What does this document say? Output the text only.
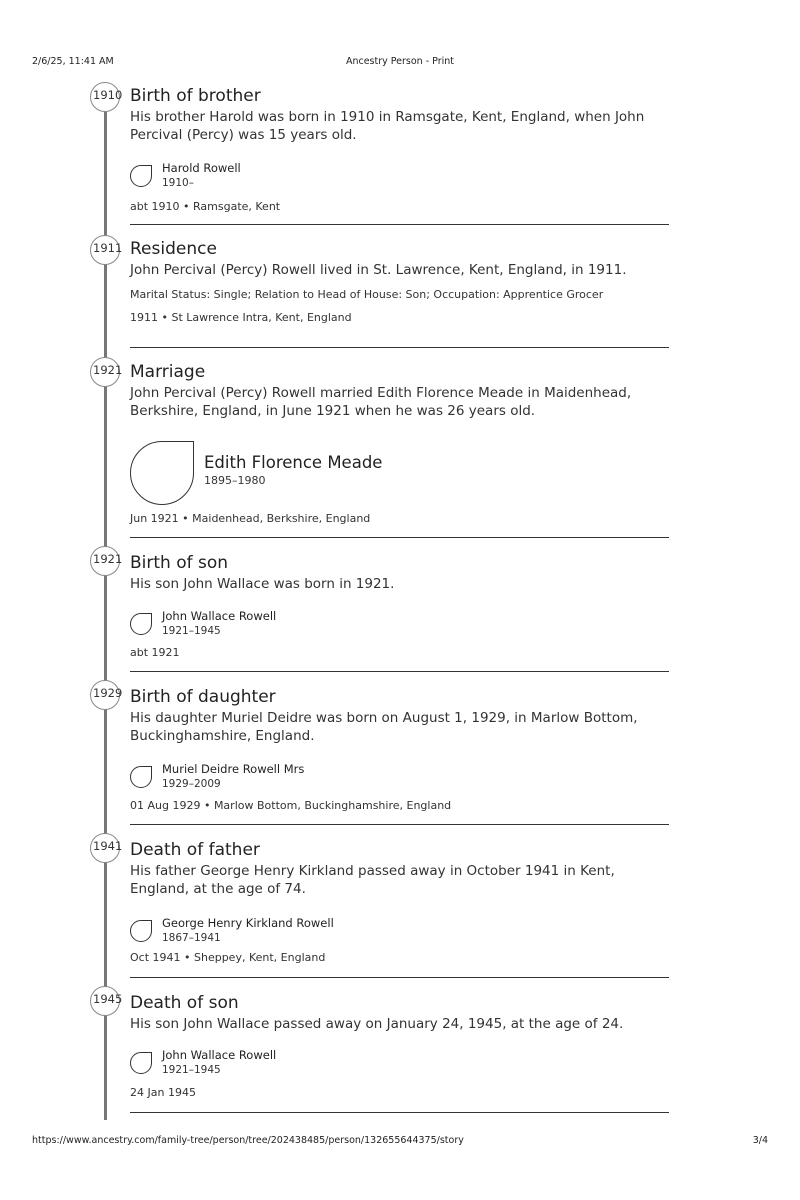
2/6/25, 11:41 AM	Ancestry Person - Print
1910 Birth of brother
His brother Harold was born in 1910 in Ramsgate, Kent, England, when John Percival (Percy) was 15 years old.
Harold Rowell
1910–
abt 1910 • Ramsgate, Kent
1911 Residence
John Percival (Percy) Rowell lived in St. Lawrence, Kent, England, in 1911.
Marital Status: Single; Relation to Head of House: Son; Occupation: Apprentice Grocer
1911 • St Lawrence Intra, Kent, England
1921 Marriage
John Percival (Percy) Rowell married Edith Florence Meade in Maidenhead, Berkshire, England, in June 1921 when he was 26 years old.
Edith Florence Meade
1895–1980
Jun 1921 • Maidenhead, Berkshire, England
1921 Birth of son
His son John Wallace was born in 1921.
John Wallace Rowell
1921–1945
abt 1921
1929 Birth of daughter
His daughter Muriel Deidre was born on August 1, 1929, in Marlow Bottom, Buckinghamshire, England.
Muriel Deidre Rowell Mrs
1929–2009
01 Aug 1929 • Marlow Bottom, Buckinghamshire, England
1941 Death of father
His father George Henry Kirkland passed away in October 1941 in Kent, England, at the age of 74.
George Henry Kirkland Rowell
1867–1941
Oct 1941 • Sheppey, Kent, England
1945 Death of son
His son John Wallace passed away on January 24, 1945, at the age of 24.
John Wallace Rowell
1921–1945
24 Jan 1945
https://www.ancestry.com/family-tree/person/tree/202438485/person/132655644375/story	3/4
